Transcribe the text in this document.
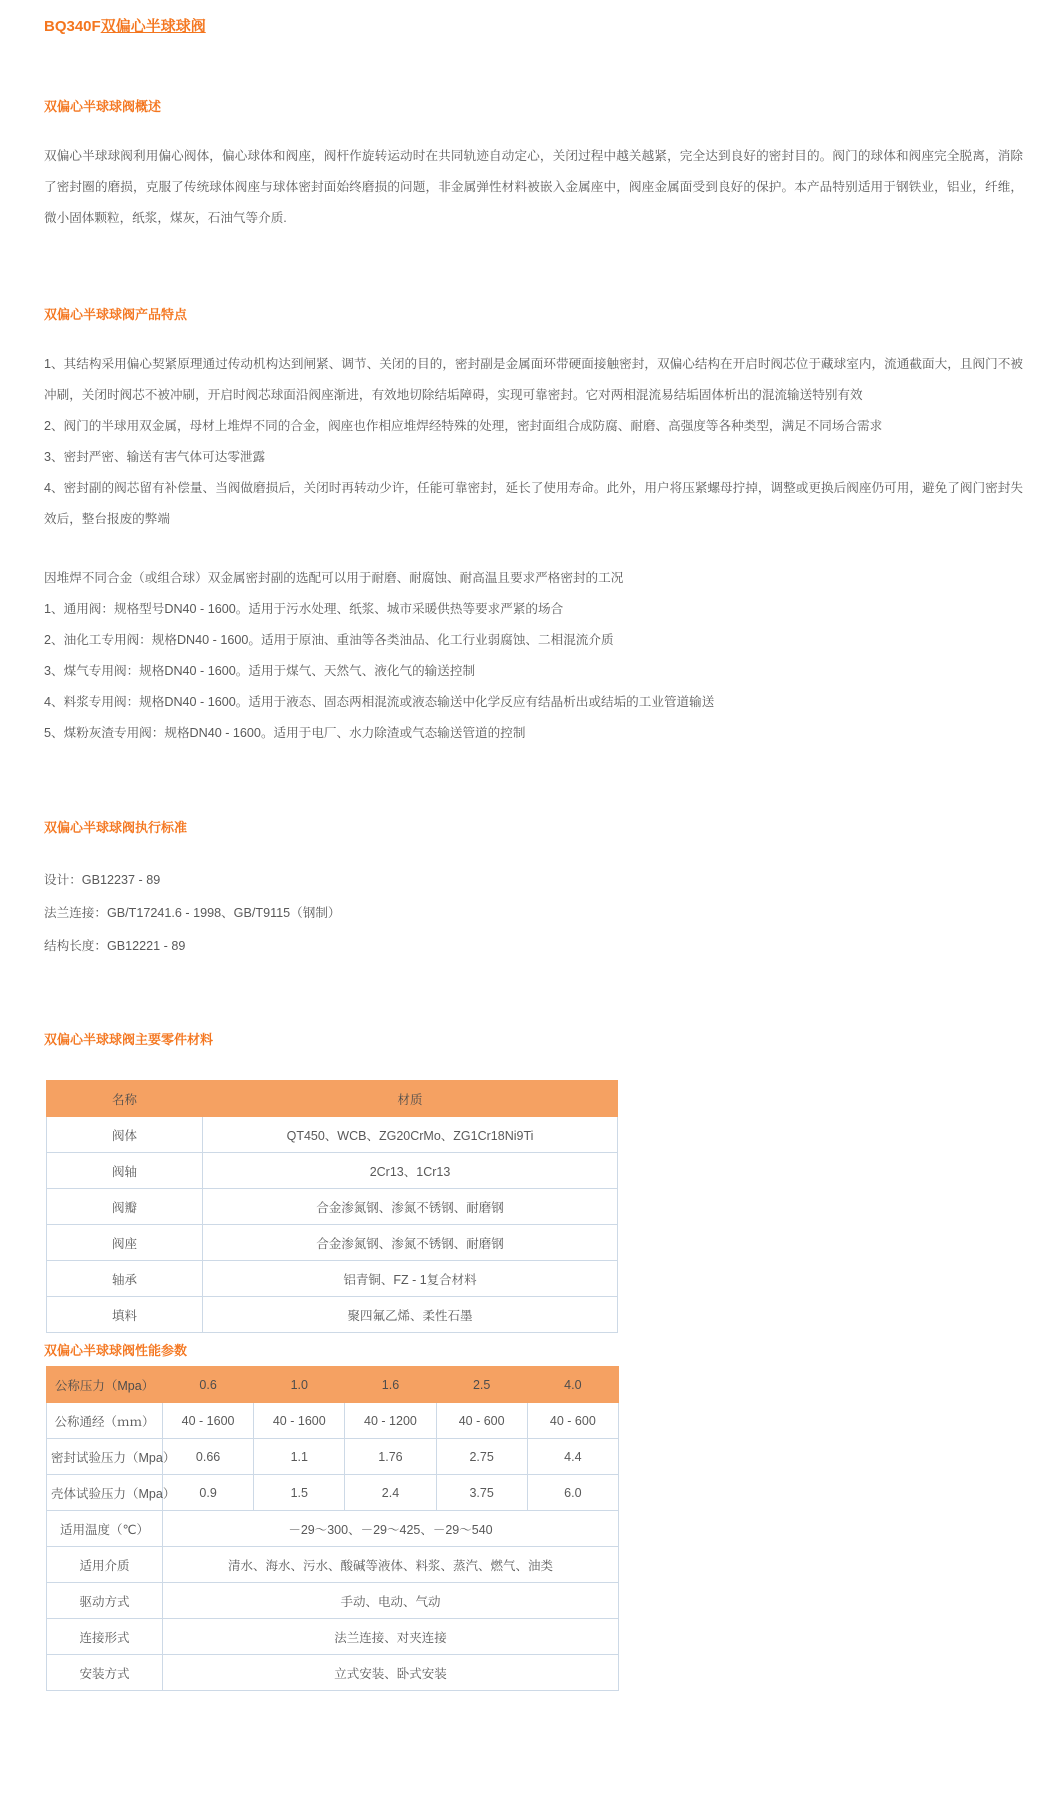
BQ340F双偏心半球球阀
双偏心半球球阀概述

双偏心半球球阀利用偏心阀体，偏心球体和阀座，阀杆作旋转运动时在共同轨迹自动定心，关闭过程中越关越紧，完全达到良好的密封目的。阀门的球体和阀座完全脱离，消除了密封圈的磨损，克服了传统球体阀座与球体密封面始终磨损的问题，非金属弹性材料被嵌入金属座中，阀座金属面受到良好的保护。本产品特别适用于钢铁业，铝业，纤维，微小固体颗粒，纸浆，煤灰，石油气等介质.

双偏心半球球阀产品特点
1、其结构采用偏心契紧原理通过传动机构达到闸紧、调节、关闭的目的，密封副是金属面环带硬面接触密封，双偏心结构在开启时阀芯位于藏球室内，流通截面大，且阀门不被冲刷，关闭时阀芯不被冲刷，开启时阀芯球面沿阀座渐进，有效地切除结垢障碍，实现可靠密封。它对两相混流易结垢固体析出的混流输送特别有效
2、阀门的半球用双金属，母材上堆焊不同的合金，阀座也作相应堆焊经特殊的处理，密封面组合成防腐、耐磨、高强度等各种类型，满足不同场合需求
3、密封严密、输送有害气体可达零泄露
4、密封副的阀芯留有补偿量、当阀做磨损后，关闭时再转动少许，任能可靠密封，延长了使用寿命。此外，用户将压紧螺母拧掉，调整或更换后阀座仍可用，避免了阀门密封失效后，整台报废的弊端
因堆焊不同合金（或组合球）双金属密封副的选配可以用于耐磨、耐腐蚀、耐高温且要求严格密封的工况
1、通用阀：规格型号DN40 - 1600。适用于污水处理、纸浆、城市采暖供热等要求严紧的场合
2、油化工专用阀：规格DN40 - 1600。适用于原油、重油等各类油品、化工行业弱腐蚀、二相混流介质
3、煤气专用阀：规格DN40 - 1600。适用于煤气、天然气、液化气的输送控制
4、料浆专用阀：规格DN40 - 1600。适用于液态、固态两相混流或液态输送中化学反应有结晶析出或结垢的工业管道输送
5、煤粉灰渣专用阀：规格DN40 - 1600。适用于电厂、水力除渣或气态输送管道的控制
双偏心半球球阀执行标准
设计：GB12237 - 89
法兰连接：GB/T17241.6 - 1998、GB/T9115（钢制）
结构长度：GB12221 - 89
双偏心半球球阀主要零件材料
名称	材质
阀体	QT450、WCB、ZG20CrMo、ZG1Cr18Ni9Ti
阀轴	2Cr13、1Cr13
阀瓣	合金渗氮钢、渗氮不锈钢、耐磨钢
阀座	合金渗氮钢、渗氮不锈钢、耐磨钢
轴承	铝青铜、FZ - 1复合材料
填料	聚四氟乙烯、柔性石墨
双偏心半球球阀性能参数
公称压力（Mpa）	0.6	1.0	1.6	2.5	4.0
公称通经（ｍｍ）	40 - 1600	40 - 1600	40 - 1200	40 - 600	40 - 600
密封试验压力（Mpa）	0.66	1.1	1.76	2.75	4.4
壳体试验压力（Mpa）	0.9	1.5	2.4	3.75	6.0
适用温度（℃）	－29～300、－29～425、－29～540				
适用介质	清水、海水、污水、酸碱等液体、料浆、蒸汽、燃气、油类				
驱动方式	手动、电动、气动				
连接形式	法兰连接、对夹连接				
安装方式	立式安装、卧式安装				
